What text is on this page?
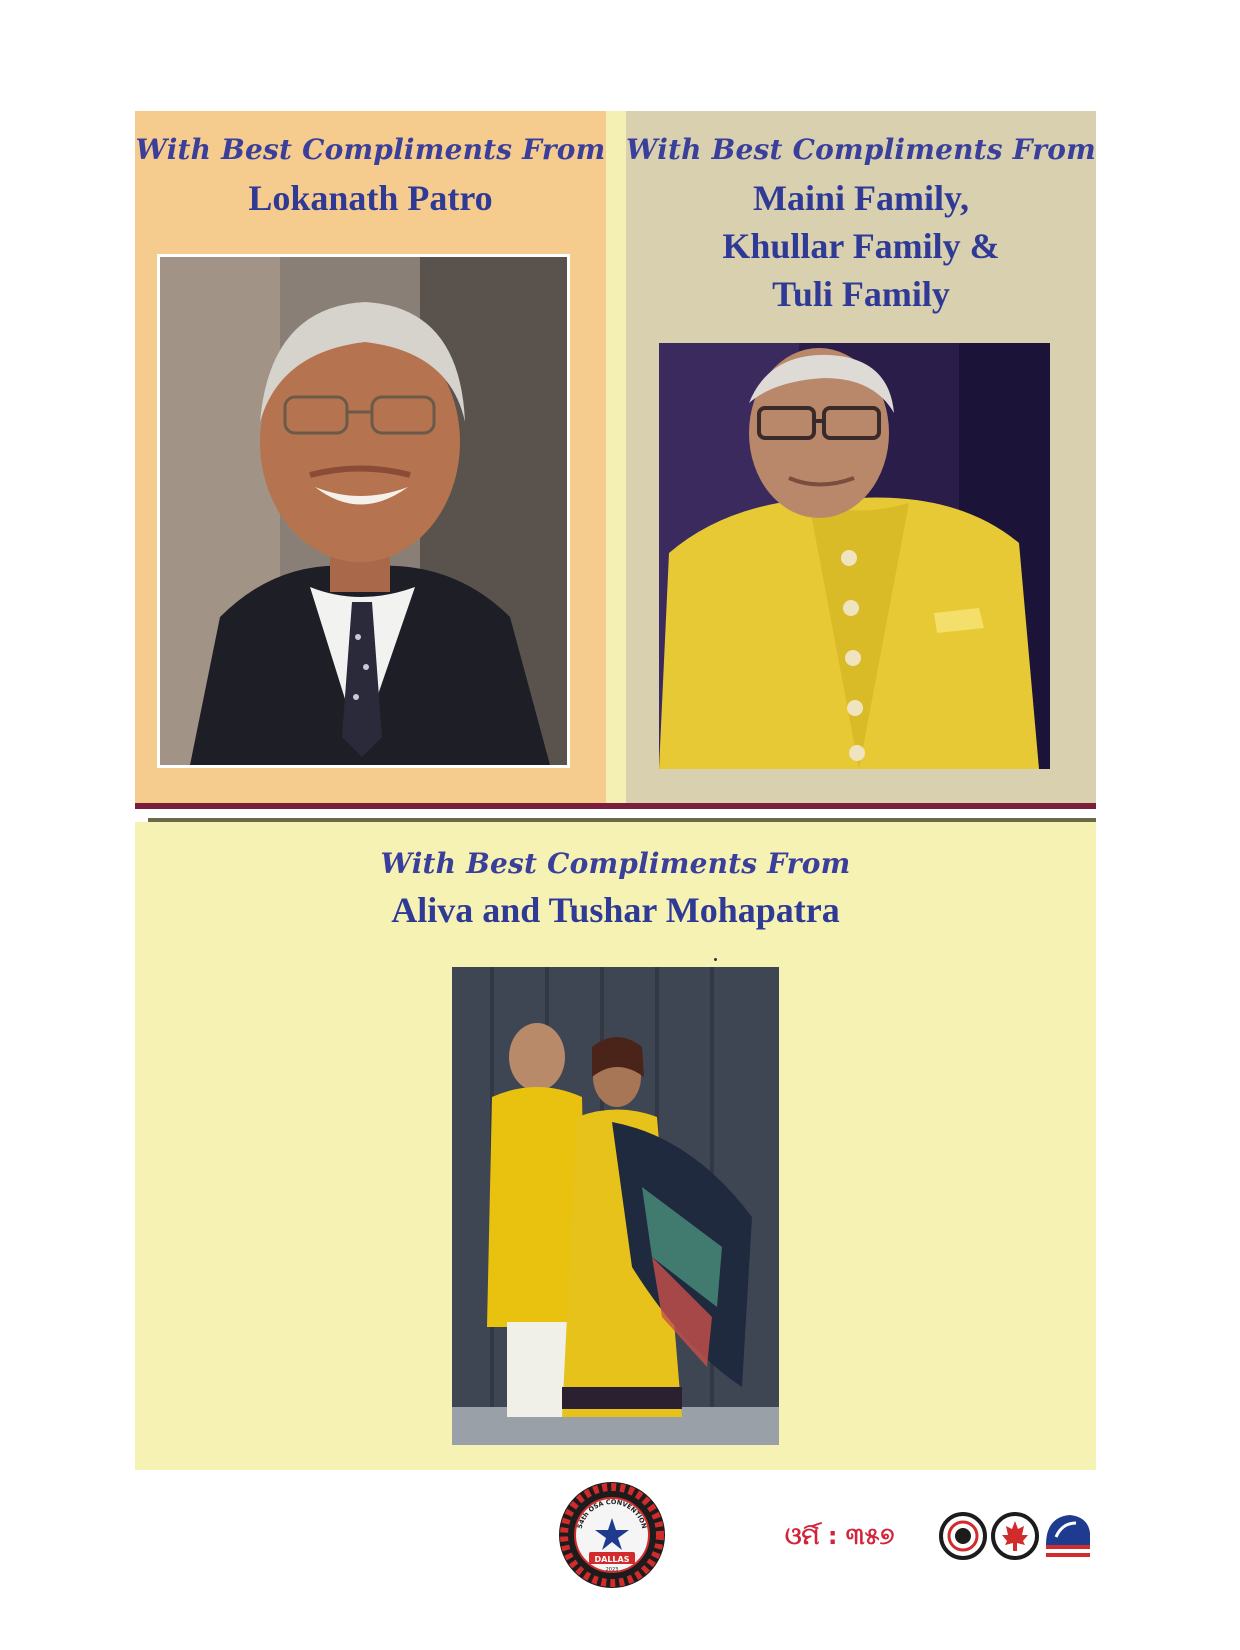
With Best Compliments From

Lokanath Patro

With Best Compliments From

Maini Family,

Khullar Family &

Tuli Family

With Best Compliments From

Aliva and Tushar Mohapatra

DALLAS
2023
54th OSA CONVENTION	ଓର୍ମି : ୩୫୭
